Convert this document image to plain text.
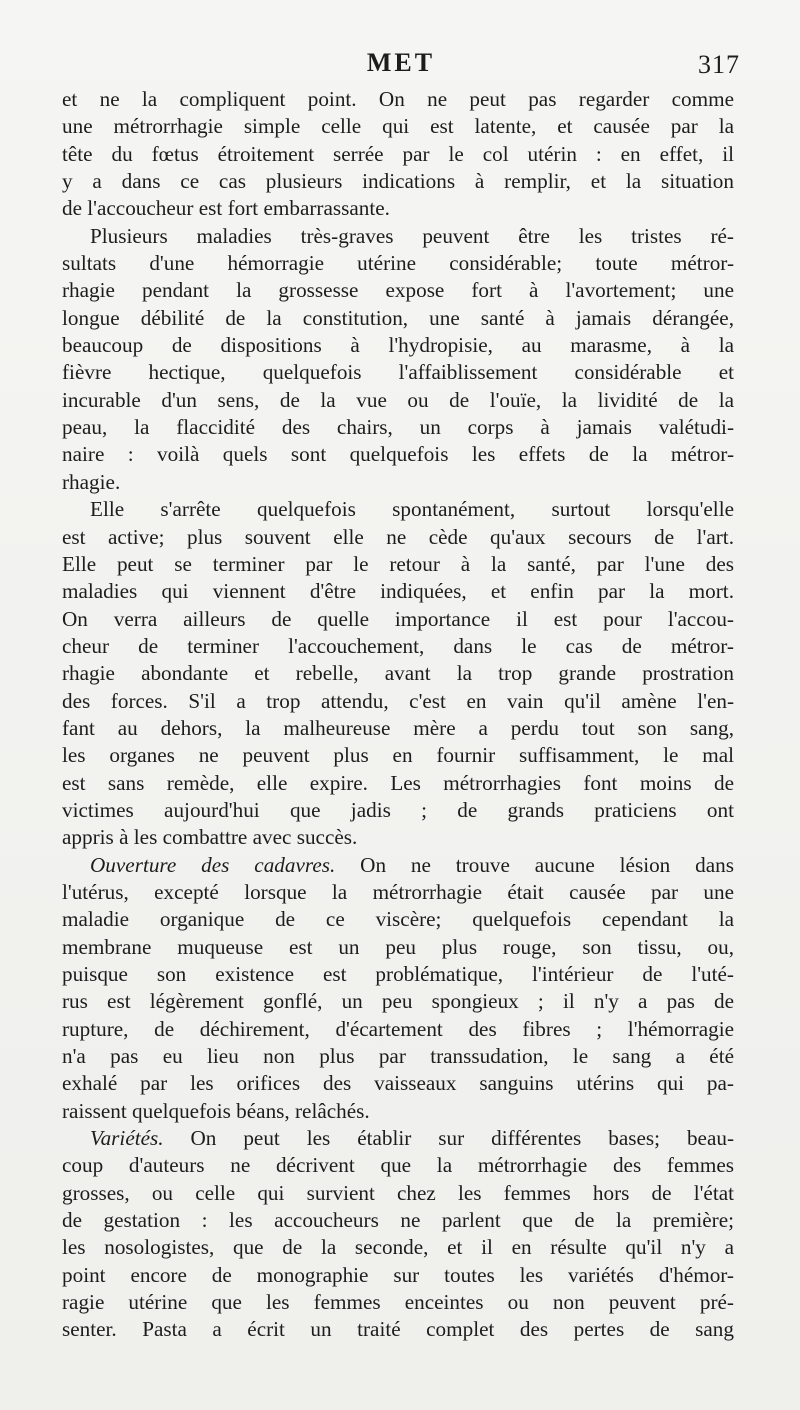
MET	317
et ne la compliquent point. On ne peut pas regarder comme
une métrorrhagie simple celle qui est latente, et causée par la
tête du fœtus étroitement serrée par le col utérin : en effet, il
y a dans ce cas plusieurs indications à remplir, et la situation
de l'accoucheur est fort embarrassante.
Plusieurs maladies très-graves peuvent être les tristes ré-
sultats d'une hémorragie utérine considérable; toute métror-
rhagie pendant la grossesse expose fort à l'avortement; une
longue débilité de la constitution, une santé à jamais dérangée,
beaucoup de dispositions à l'hydropisie, au marasme, à la
fièvre hectique, quelquefois l'affaiblissement considérable et
incurable d'un sens, de la vue ou de l'ouïe, la lividité de la
peau, la flaccidité des chairs, un corps à jamais valétudi-
naire : voilà quels sont quelquefois les effets de la métror-
rhagie.
Elle s'arrête quelquefois spontanément, surtout lorsqu'elle
est active; plus souvent elle ne cède qu'aux secours de l'art.
Elle peut se terminer par le retour à la santé, par l'une des
maladies qui viennent d'être indiquées, et enfin par la mort.
On verra ailleurs de quelle importance il est pour l'accou-
cheur de terminer l'accouchement, dans le cas de métror-
rhagie abondante et rebelle, avant la trop grande prostration
des forces. S'il a trop attendu, c'est en vain qu'il amène l'en-
fant au dehors, la malheureuse mère a perdu tout son sang,
les organes ne peuvent plus en fournir suffisamment, le mal
est sans remède, elle expire. Les métrorrhagies font moins de
victimes aujourd'hui que jadis ; de grands praticiens ont
appris à les combattre avec succès.
Ouverture des cadavres. On ne trouve aucune lésion dans
l'utérus, excepté lorsque la métrorrhagie était causée par une
maladie organique de ce viscère; quelquefois cependant la
membrane muqueuse est un peu plus rouge, son tissu, ou,
puisque son existence est problématique, l'intérieur de l'uté-
rus est légèrement gonflé, un peu spongieux ; il n'y a pas de
rupture, de déchirement, d'écartement des fibres ; l'hémorragie
n'a pas eu lieu non plus par transsudation, le sang a été
exhalé par les orifices des vaisseaux sanguins utérins qui pa-
raissent quelquefois béans, relâchés.
Variétés. On peut les établir sur différentes bases; beau-
coup d'auteurs ne décrivent que la métrorrhagie des femmes
grosses, ou celle qui survient chez les femmes hors de l'état
de gestation : les accoucheurs ne parlent que de la première;
les nosologistes, que de la seconde, et il en résulte qu'il n'y a
point encore de monographie sur toutes les variétés d'hémor-
ragie utérine que les femmes enceintes ou non peuvent pré-
senter. Pasta a écrit un traité complet des pertes de sang
